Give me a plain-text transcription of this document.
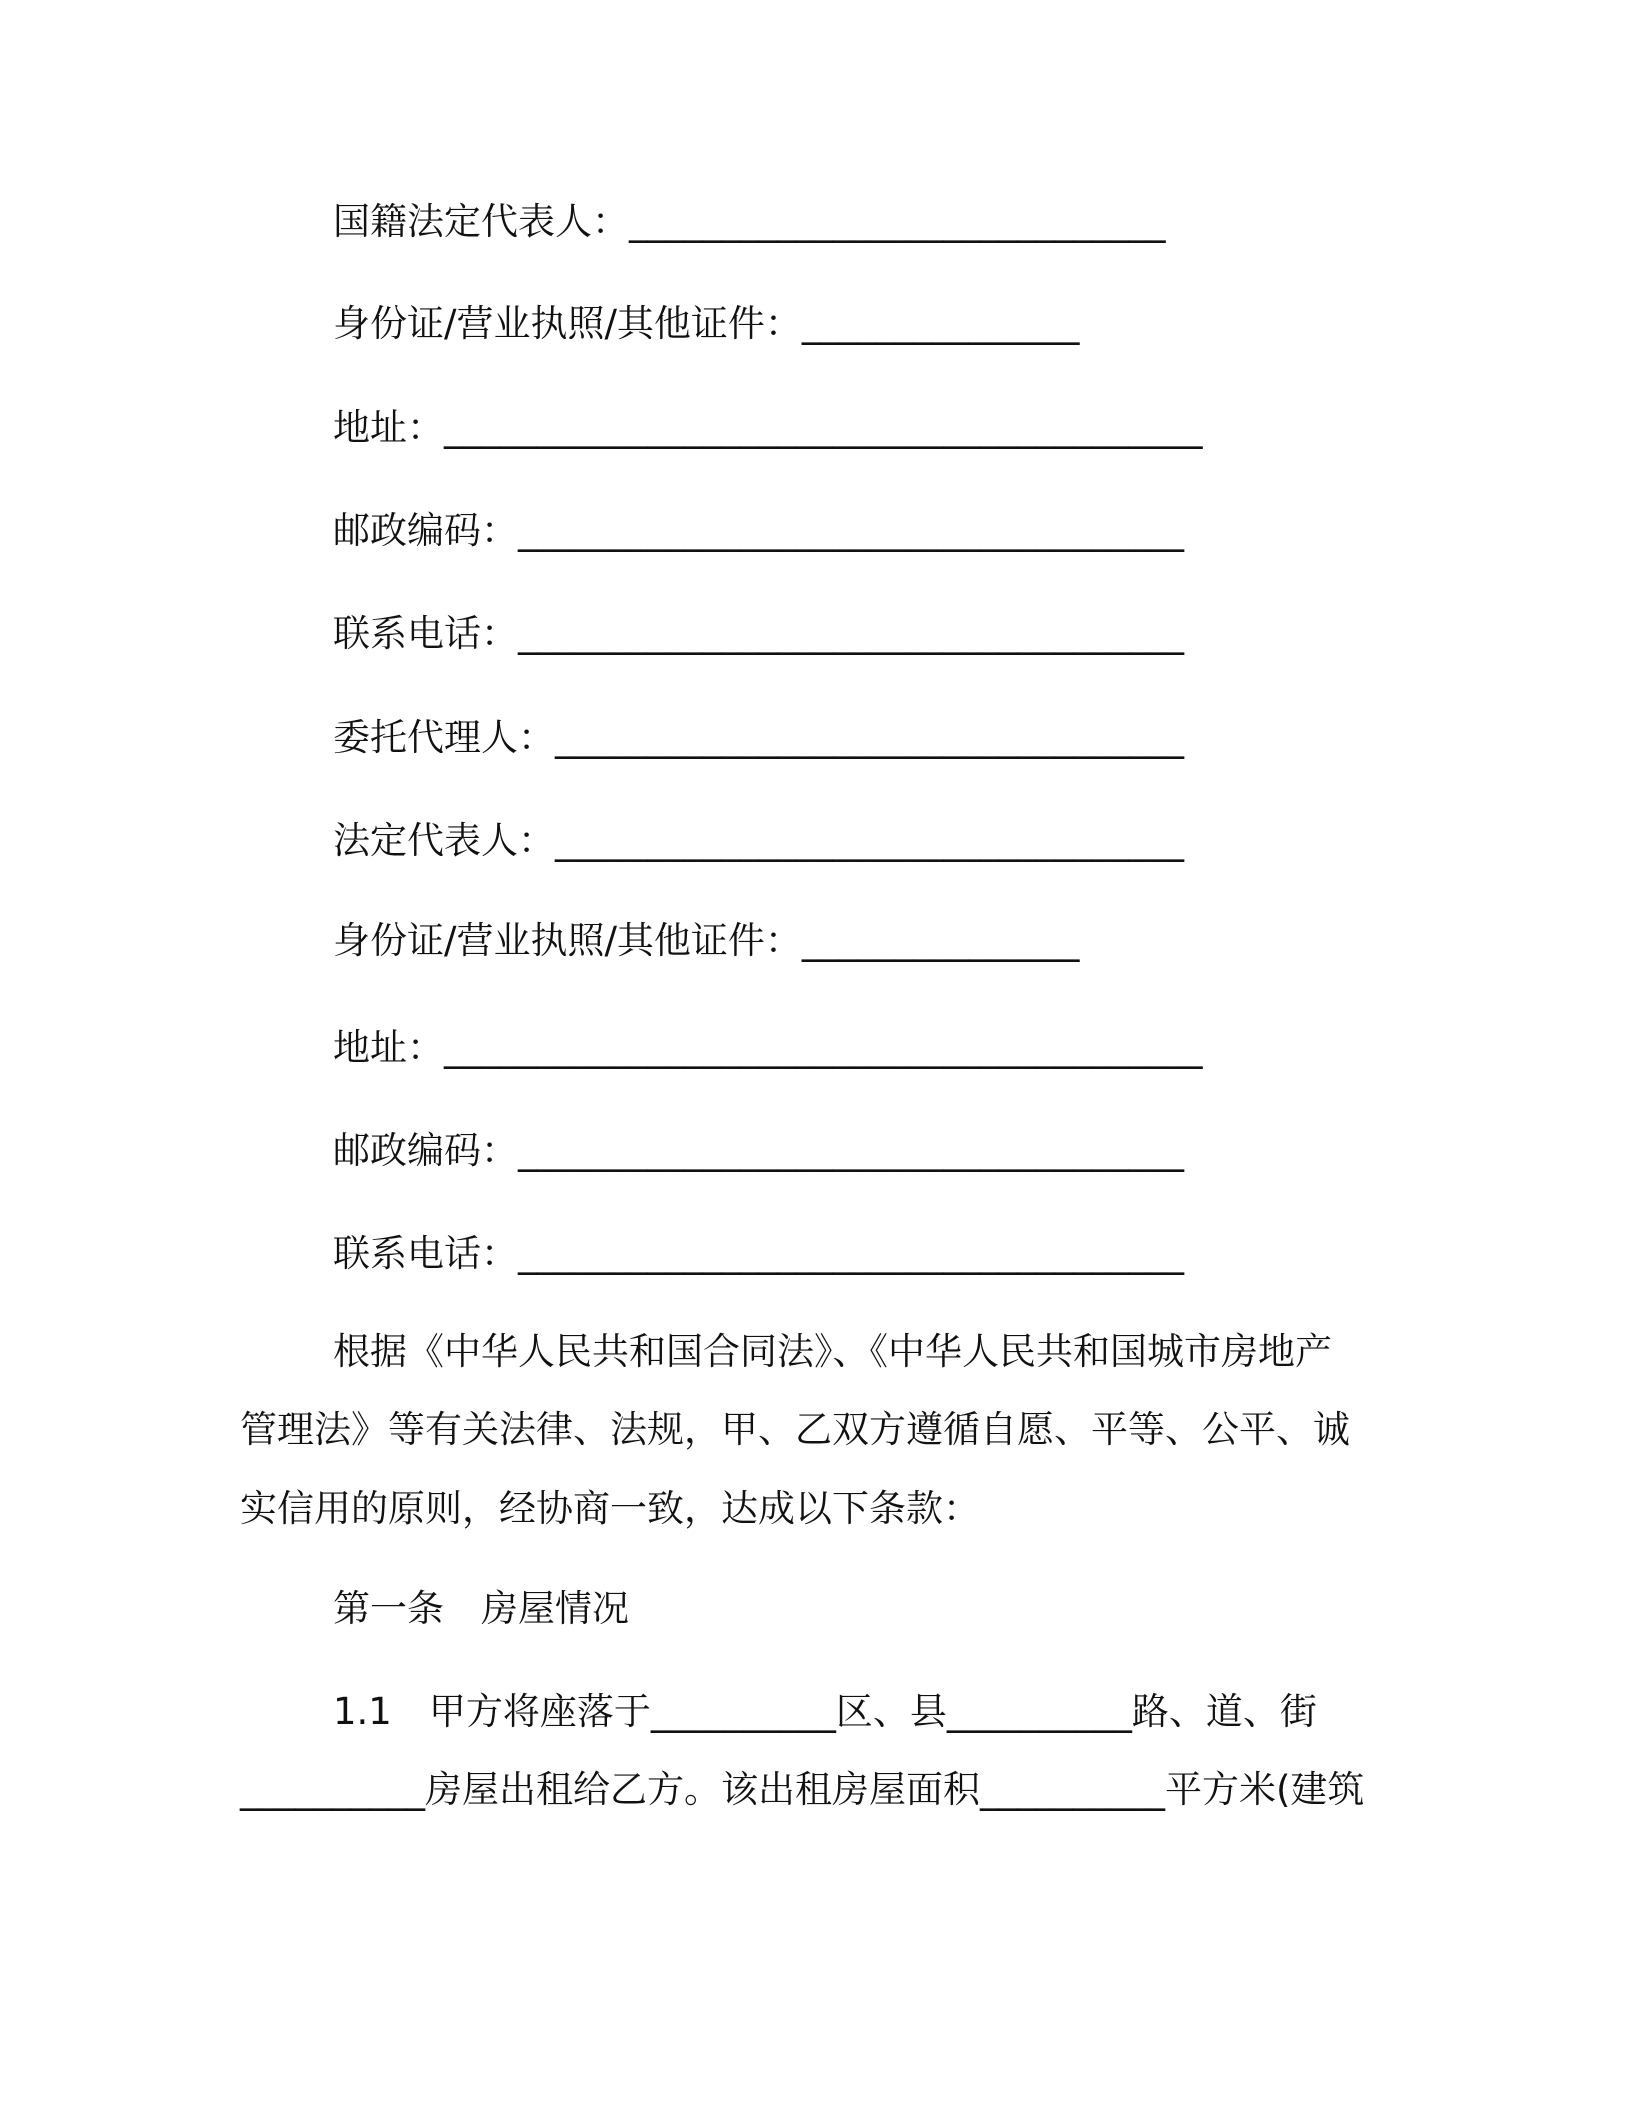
国籍法定代表人：_____________________________
身份证/营业执照/其他证件：_______________
地址：_________________________________________
邮政编码：____________________________________
联系电话：____________________________________
委托代理人：__________________________________
法定代表人：__________________________________
身份证/营业执照/其他证件：_______________
地址：_________________________________________
邮政编码：____________________________________
联系电话：____________________________________
根据《中华人民共和国合同法》、《中华人民共和国城市房地产
管理法》等有关法律、法规，甲、乙双方遵循自愿、平等、公平、诚
实信用的原则，经协商一致，达成以下条款：
第一条　房屋情况
1.1　甲方将座落于__________区、县__________路、道、街
__________房屋出租给乙方。该出租房屋面积__________平方米(建筑
